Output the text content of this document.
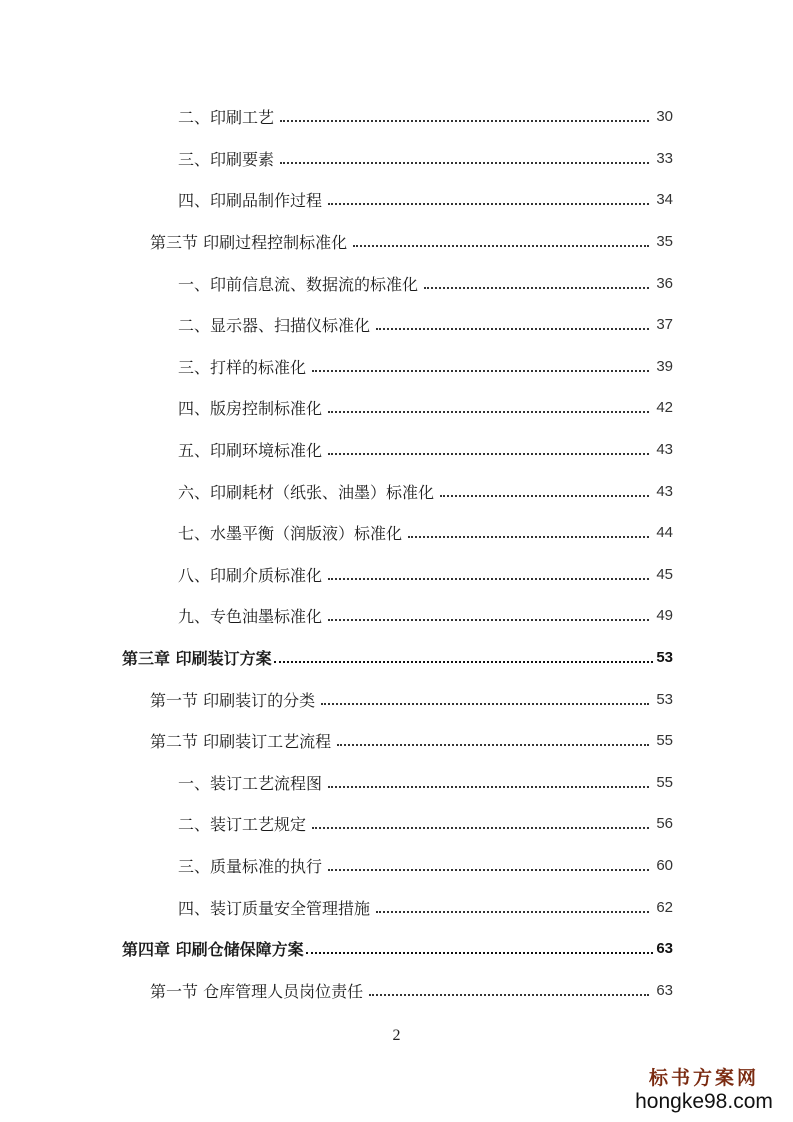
二、印刷工艺	30
三、印刷要素	33
四、印刷品制作过程	34
第三节 印刷过程控制标准化	35
一、印前信息流、数据流的标准化	36
二、显示器、扫描仪标准化	37
三、打样的标准化	39
四、版房控制标准化	42
五、印刷环境标准化	43
六、印刷耗材（纸张、油墨）标准化	43
七、水墨平衡（润版液）标准化	44
八、印刷介质标准化	45
九、专色油墨标准化	49
第三章 印刷装订方案	53
第一节 印刷装订的分类	53
第二节 印刷装订工艺流程	55
一、装订工艺流程图	55
二、装订工艺规定	56
三、质量标准的执行	60
四、装订质量安全管理措施	62
第四章 印刷仓储保障方案	63
第一节 仓库管理人员岗位责任	63
2
标书方案网
hongke98.com
